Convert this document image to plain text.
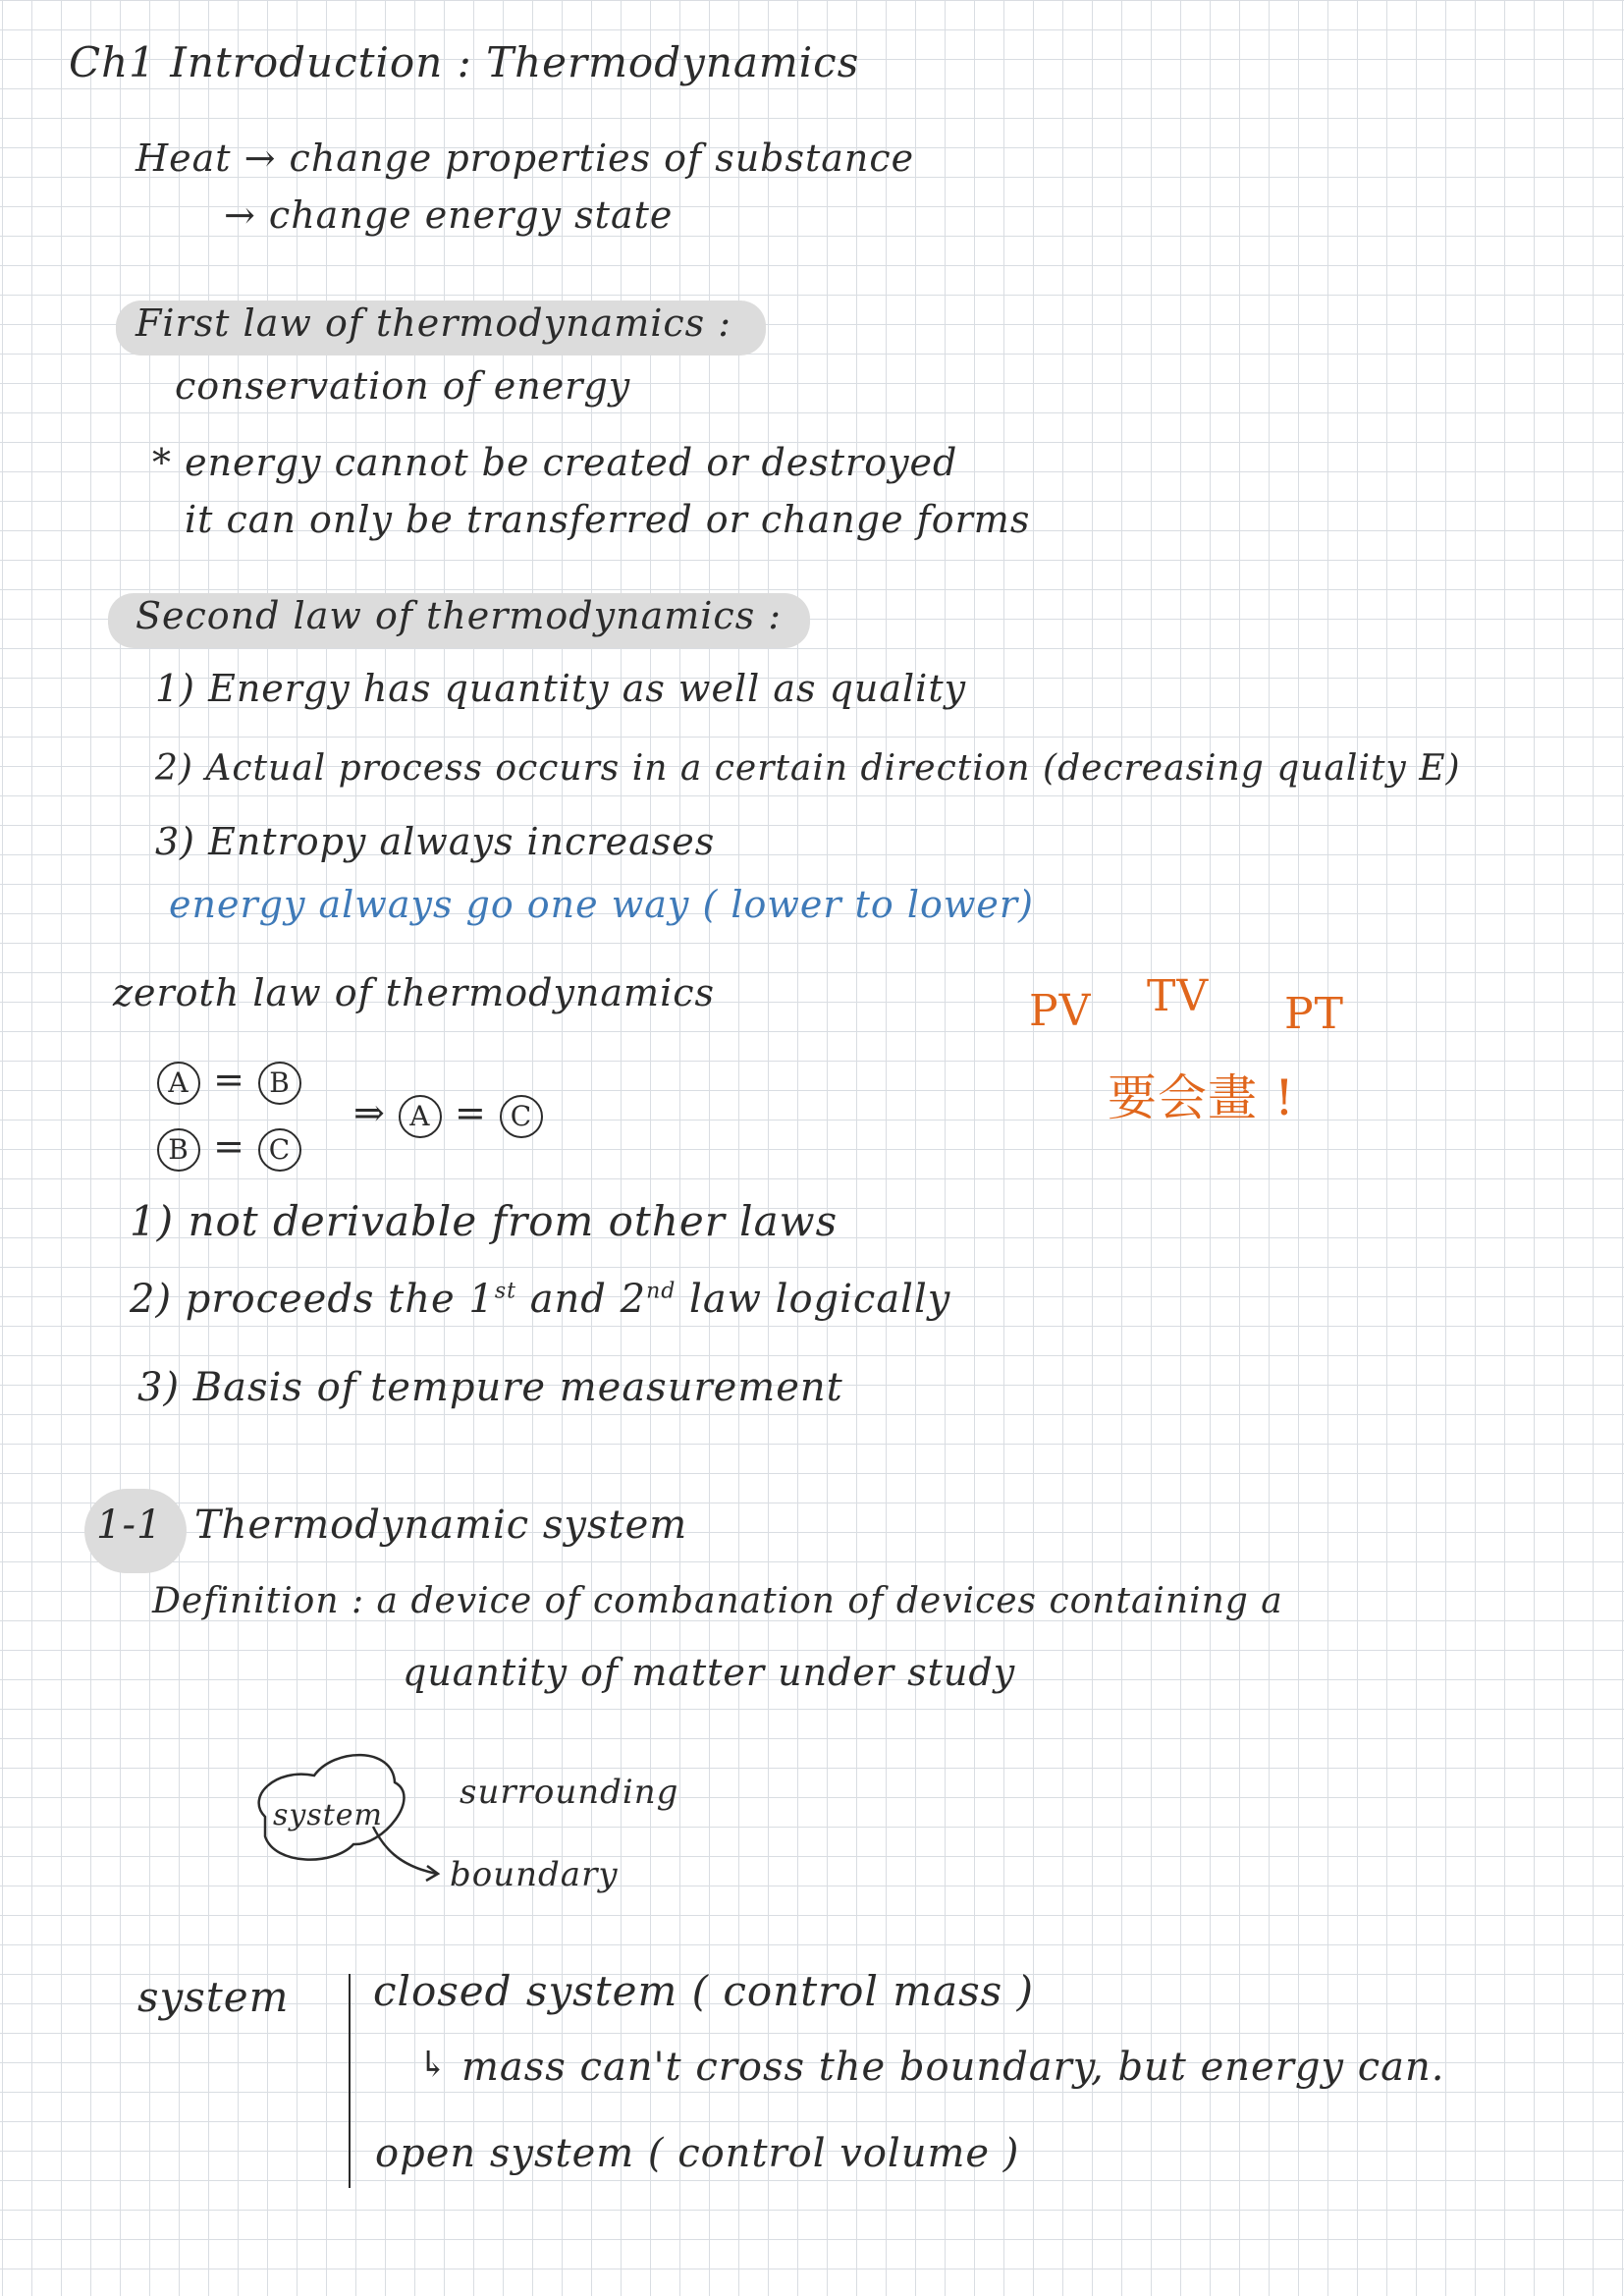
Ch1 Introduction : Thermodynamics
Heat → change properties of substance
→ change energy state
First law of thermodynamics :
conservation of energy
* energy cannot be created or destroyed
it can only be transferred or change forms
Second law of thermodynamics :
1) Energy has quantity as well as quality
2) Actual process occurs in a certain direction (decreasing quality E)
3) Entropy always increases
energy always go one way ( lower to lower)
zeroth law of thermodynamics
A = B
B = C
⇒ A = C
1) not derivable from other laws
2) proceeds the 1st and 2nd law logically
3) Basis of tempure measurement
PV TV PT
要会畫 !
1-1 Thermodynamic system
Definition : a device of combanation of devices containing a
quantity of matter under study
system
surrounding
boundary
system closed system ( control mass )
↳ mass can't cross the boundary, but energy can.
open system ( control volume )
